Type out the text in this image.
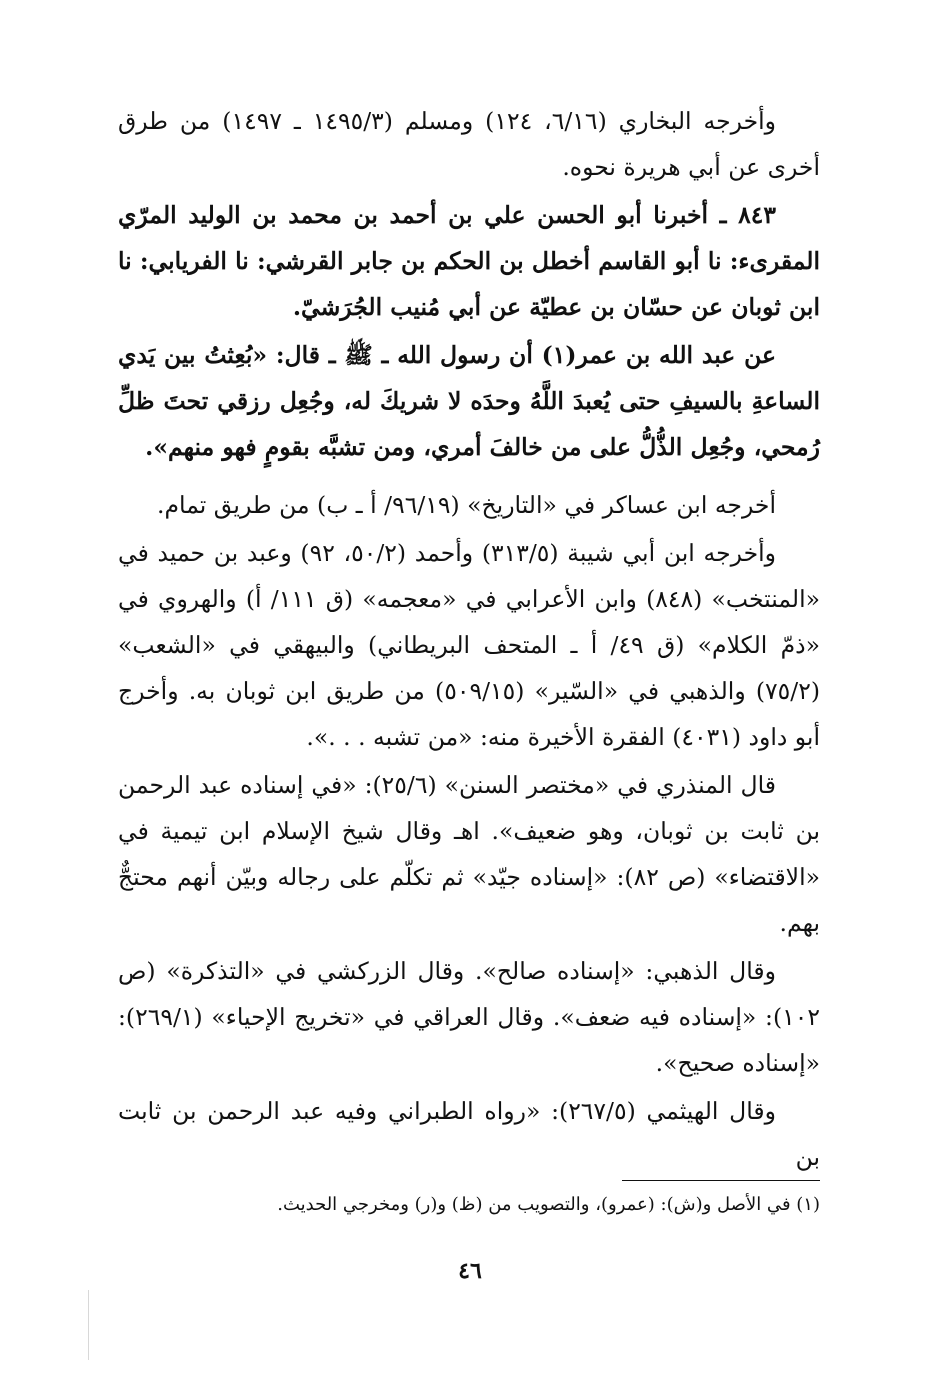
وأخرجه البخاري (٦/١٦، ١٢٤) ومسلم (١٤٩٥/٣ ـ ١٤٩٧) من طرق أخرى عن أبي هريرة نحوه.

٨٤٣ ـ أخبرنا أبو الحسن علي بن أحمد بن محمد بن الوليد المرّي المقرىء: نا أبو القاسم أخطل بن الحكم بن جابر القرشي: نا الفريابي: نا ابن ثوبان عن حسّان بن عطيّة عن أبي مُنيب الجُرَشيّ.

عن عبد الله بن عمر(١) أن رسول الله ـ ﷺ ـ قال: «بُعِثتُ بين يَدي الساعةِ بالسيفِ حتى يُعبدَ اللَّهُ وحدَه لا شريكَ له، وجُعِل رزقي تحتَ ظلِّ رُمحي، وجُعِل الذُّلُّ على من خالفَ أمري، ومن تشبَّه بقومٍ فهو منهم».

أخرجه ابن عساكر في «التاريخ» (٩٦/١٩/ أ ـ ب) من طريق تمام.

وأخرجه ابن أبي شيبة (٣١٣/٥) وأحمد (٥٠/٢، ٩٢) وعبد بن حميد في «المنتخب» (٨٤٨) وابن الأعرابي في «معجمه» (ق ١١١/ أ) والهروي في «ذمّ الكلام» (ق ٤٩/ أ ـ المتحف البريطاني) والبيهقي في «الشعب» (٧٥/٢) والذهبي في «السّير» (٥٠٩/١٥) من طريق ابن ثوبان به. وأخرج أبو داود (٤٠٣١) الفقرة الأخيرة منه: «من تشبه . . .».

قال المنذري في «مختصر السنن» (٢٥/٦): «في إسناده عبد الرحمن بن ثابت بن ثوبان، وهو ضعيف». اهـ وقال شيخ الإسلام ابن تيمية في «الاقتضاء» (ص ٨٢): «إسناده جيّد» ثم تكلّم على رجاله وبيّن أنهم محتجٌّ بهم.

وقال الذهبي: «إسناده صالح». وقال الزركشي في «التذكرة» (ص ١٠٢): «إسناده فيه ضعف». وقال العراقي في «تخريج الإحياء» (٢٦٩/١): «إسناده صحيح».

وقال الهيثمي (٢٦٧/٥): «رواه الطبراني وفيه عبد الرحمن بن ثابت بن

(١) في الأصل و(ش): (عمرو)، والتصويب من (ظ) و(ر) ومخرجي الحديث.
٤٦
